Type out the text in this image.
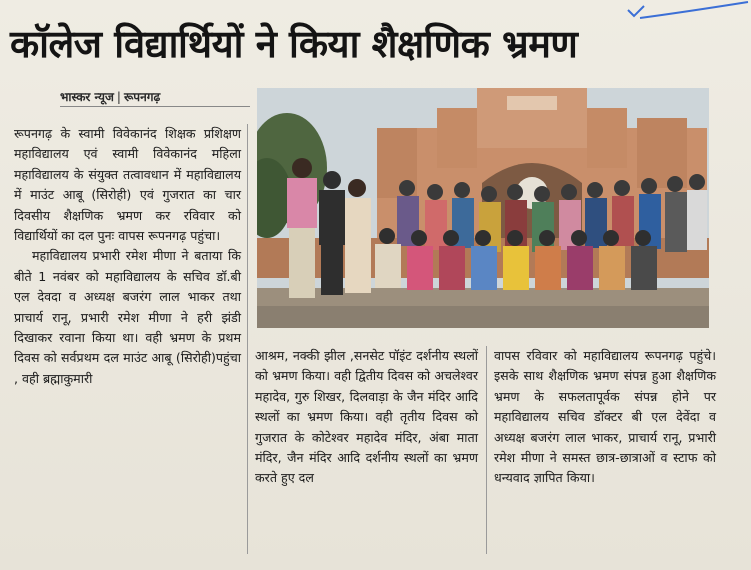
कॉलेज विद्यार्थियों ने किया शैक्षणिक भ्रमण
भास्कर न्यूज | रूपनगढ़

रूपनगढ़ के स्वामी विवेकानंद शिक्षक प्रशिक्षण महाविद्यालय एवं स्वामी विवेकानंद महिला महाविद्यालय के संयुक्त तत्वावधान में महाविद्यालय में माउंट आबू (सिरोही) एवं गुजरात का चार दिवसीय शैक्षणिक भ्रमण कर रविवार को विद्यार्थियों का दल पुनः वापस रूपनगढ़ पहुंचा।

महाविद्यालय प्रभारी रमेश मीणा ने बताया कि बीते 1 नवंबर को महाविद्यालय के सचिव डॉ.बी एल देवदा व अध्यक्ष बजरंग लाल भाकर तथा प्राचार्य रानू, प्रभारी रमेश मीणा ने हरी झंडी दिखाकर रवाना किया था। वही भ्रमण के प्रथम दिवस को सर्वप्रथम दल माउंट आबू (सिरोही)पहुंचा , वही ब्रह्माकुमारी

आश्रम, नक्की झील ,सनसेट पॉइंट दर्शनीय स्थलों को भ्रमण किया। वही द्वितीय दिवस को अचलेश्वर महादेव, गुरु शिखर, दिलवाड़ा के जैन मंदिर आदि स्थलों का भ्रमण किया। वही तृतीय दिवस को गुजरात के कोटेश्वर महादेव मंदिर, अंबा माता मंदिर, जैन मंदिर आदि दर्शनीय स्थलों का भ्रमण करते हुए दल

वापस रविवार को महाविद्यालय रूपनगढ़ पहुंचे। इसके साथ शैक्षणिक भ्रमण संपन्न हुआ शैक्षणिक भ्रमण के सफलतापूर्वक संपन्न होने पर महाविद्यालय सचिव डॉक्टर बी एल देवेंदा व अध्यक्ष बजरंग लाल भाकर, प्राचार्य रानू, प्रभारी रमेश मीणा ने समस्त छात्र-छात्राओं व स्टाफ को धन्यवाद ज्ञापित किया।
